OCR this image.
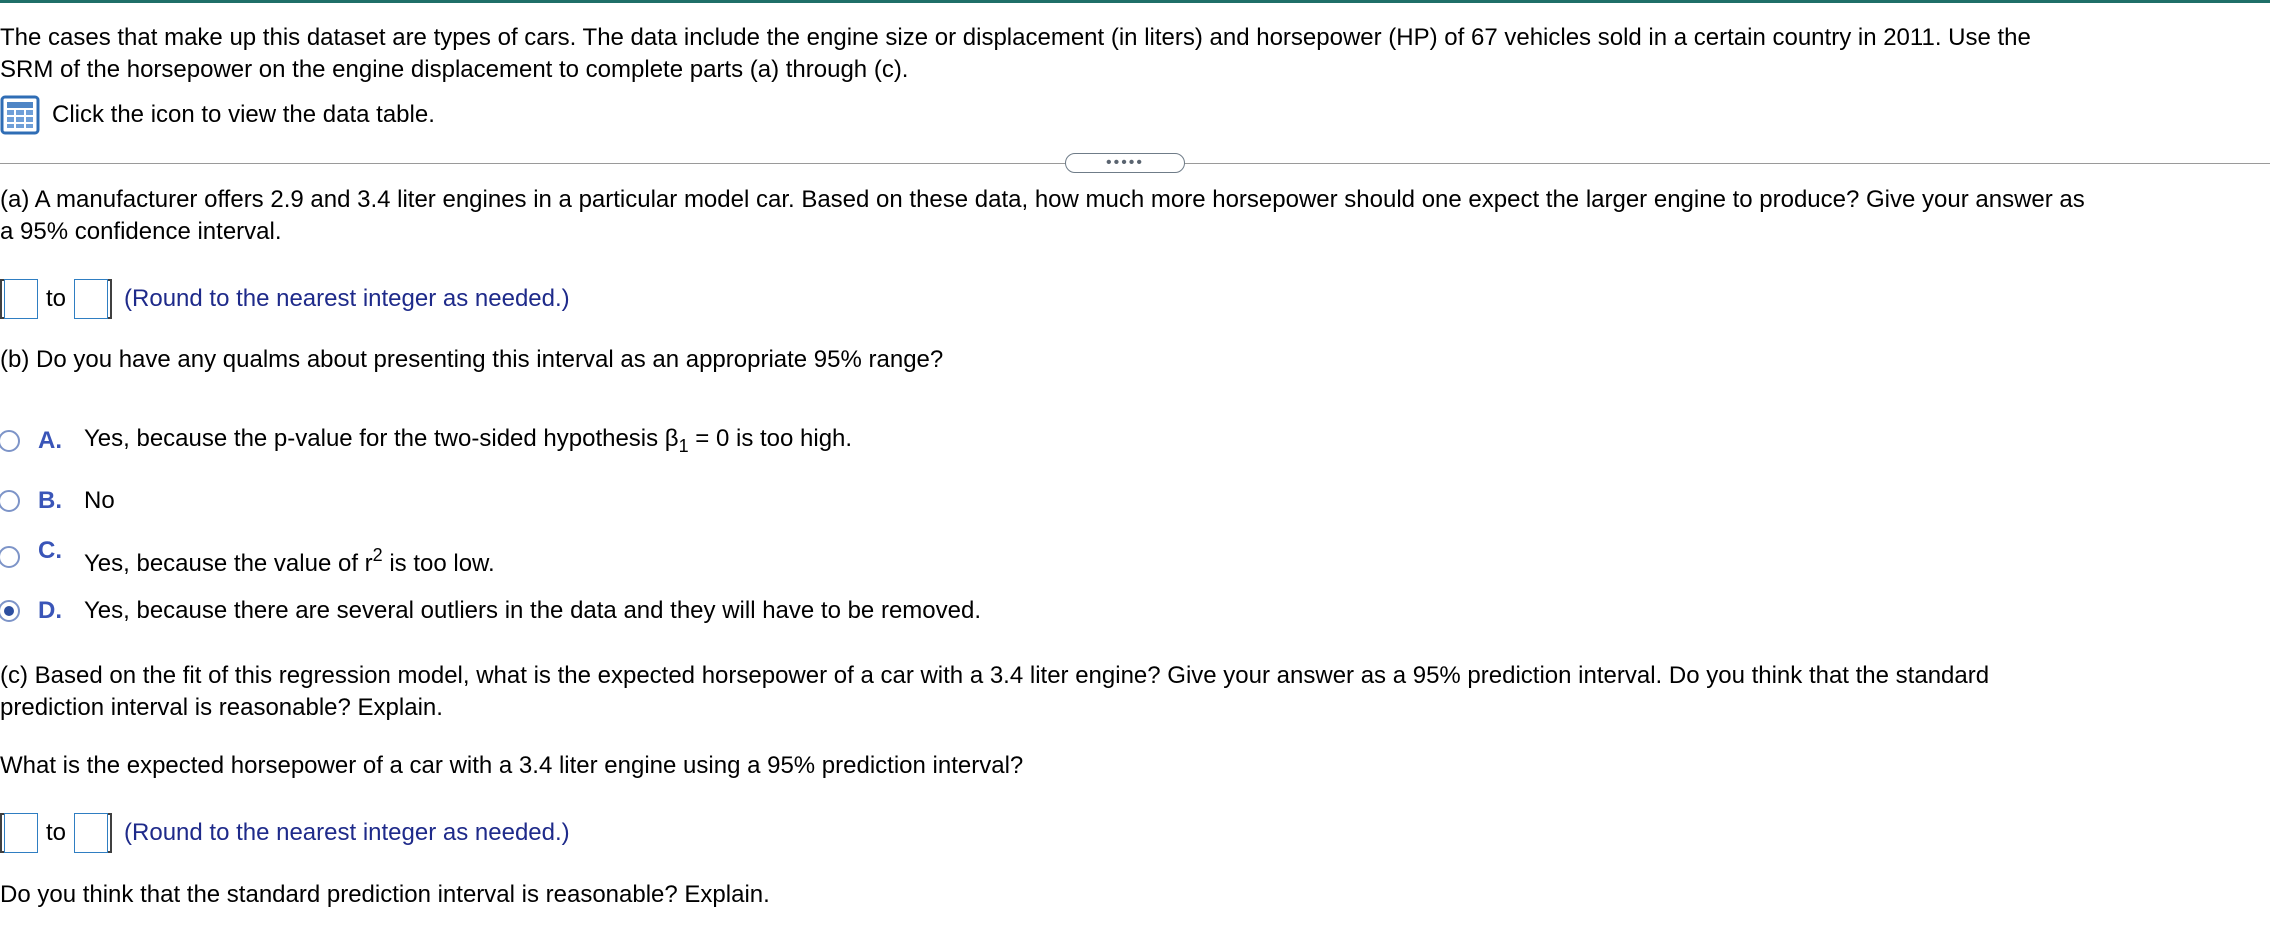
The cases that make up this dataset are types of cars. The data include the engine size or displacement (in liters) and horsepower (HP) of 67 vehicles sold in a certain country in 2011. Use the
SRM of the horsepower on the engine displacement to complete parts (a) through (c).
Click the icon to view the data table.
•••••
(a) A manufacturer offers 2.9 and 3.4 liter engines in a particular model car. Based on these data, how much more horsepower should one expect the larger engine to produce? Give your answer as
a 95% confidence interval.
to (Round to the nearest integer as needed.)
(b) Do you have any qualms about presenting this interval as an appropriate 95% range?
A. Yes, because the p-value for the two-sided hypothesis $\beta_1 = 0$ is too high.
B. No
C. Yes, because the value of $r^2$ is too low.
D. Yes, because there are several outliers in the data and they will have to be removed.
(c) Based on the fit of this regression model, what is the expected horsepower of a car with a 3.4 liter engine? Give your answer as a 95% prediction interval. Do you think that the standard
prediction interval is reasonable? Explain.
What is the expected horsepower of a car with a 3.4 liter engine using a 95% prediction interval?
to (Round to the nearest integer as needed.)
Do you think that the standard prediction interval is reasonable? Explain.
